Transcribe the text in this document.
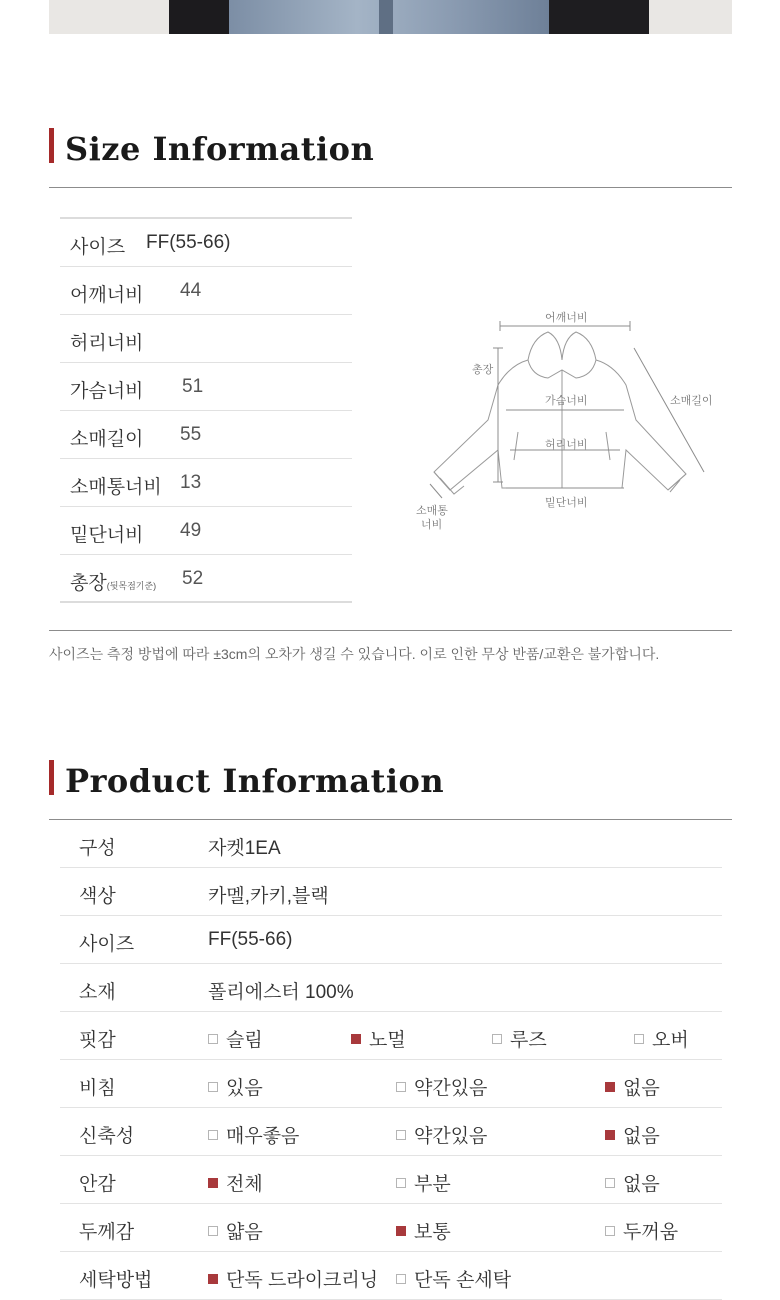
Size Information
사이즈 FF(55-66)
어깨너비 44
허리너비
가슴너비 51
소매길이 55
소매통너비 13
밑단너비 49
총장(뒷목점기준) 52
어깨너비
총장
가슴너비	소매길이
허리너비
밑단너비
소매통
너비
사이즈는 측정 방법에 따라 ±3cm의 오차가 생길 수 있습니다. 이로 인한 무상 반품/교환은 불가합니다.
Product Information
구성	자켓1EA
색상	카멜,카키,블랙
사이즈	FF(55-66)
소재	폴리에스터 100%
핏감	슬림	노멀	루즈	오버
비침	있음	약간있음	없음
신축성	매우좋음	약간있음	없음
안감	전체	부분	없음
두께감	얇음	보통	두꺼움
세탁방법	단독 드라이크리닝	단독 손세탁
